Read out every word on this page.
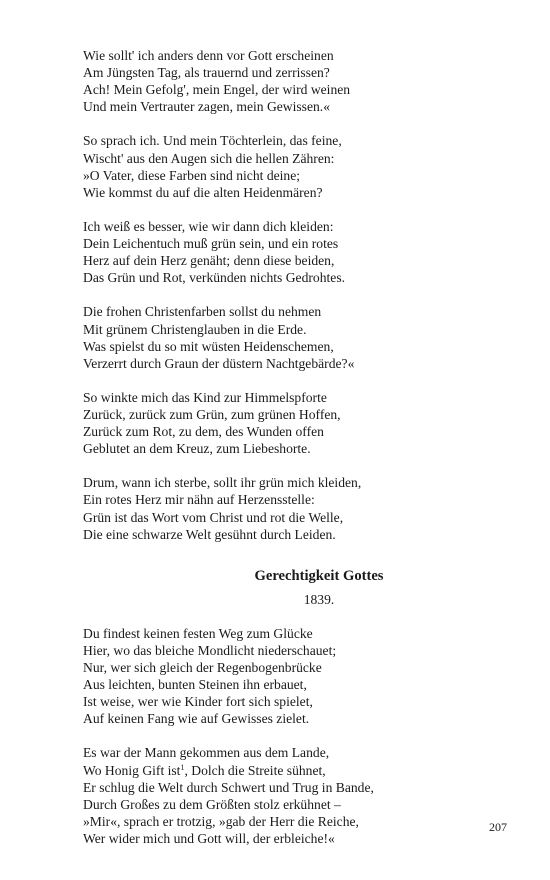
Wie sollt' ich anders denn vor Gott erscheinen
Am Jüngsten Tag, als trauernd und zerrissen?
Ach! Mein Gefolg', mein Engel, der wird weinen
Und mein Vertrauter zagen, mein Gewissen.«
So sprach ich. Und mein Töchterlein, das feine,
Wischt' aus den Augen sich die hellen Zähren:
»O Vater, diese Farben sind nicht deine;
Wie kommst du auf die alten Heidenmären?
Ich weiß es besser, wie wir dann dich kleiden:
Dein Leichentuch muß grün sein, und ein rotes
Herz auf dein Herz genäht; denn diese beiden,
Das Grün und Rot, verkünden nichts Gedrohtes.
Die frohen Christenfarben sollst du nehmen
Mit grünem Christenglauben in die Erde.
Was spielst du so mit wüsten Heidenschemen,
Verzerrt durch Graun der düstern Nachtgebärde?«
So winkte mich das Kind zur Himmelspforte
Zurück, zurück zum Grün, zum grünen Hoffen,
Zurück zum Rot, zu dem, des Wunden offen
Geblutet an dem Kreuz, zum Liebeshorte.
Drum, wann ich sterbe, sollt ihr grün mich kleiden,
Ein rotes Herz mir nähn auf Herzensstelle:
Grün ist das Wort vom Christ und rot die Welle,
Die eine schwarze Welt gesühnt durch Leiden.
Gerechtigkeit Gottes
1839.
Du findest keinen festen Weg zum Glücke
Hier, wo das bleiche Mondlicht niederschauet;
Nur, wer sich gleich der Regenbogenbrücke
Aus leichten, bunten Steinen ihn erbauet,
Ist weise, wer wie Kinder fort sich spielet,
Auf keinen Fang wie auf Gewisses zielet.
Es war der Mann gekommen aus dem Lande,
Wo Honig Gift ist$^1$, Dolch die Streite sühnet,
Er schlug die Welt durch Schwert und Trug in Bande,
Durch Großes zu dem Größten stolz erkühnet –
»Mir«, sprach er trotzig, »gab der Herr die Reiche,
Wer wider mich und Gott will, der erbleiche!«
207
